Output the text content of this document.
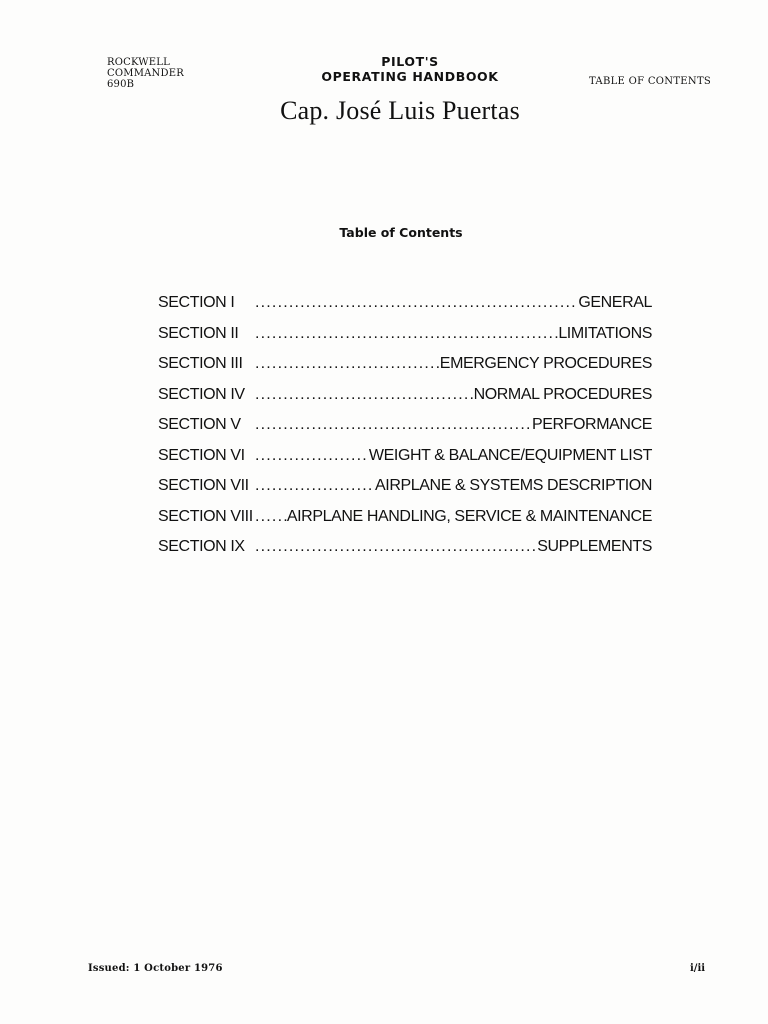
ROCKWELL
COMMANDER
690B
PILOT'S
OPERATING HANDBOOK	TABLE OF CONTENTS
Cap. José Luis Puertas
Table of Contents
SECTION I .....	GENERAL
SECTION II .....	LIMITATIONS
SECTION III .....	EMERGENCY PROCEDURES
SECTION IV .....	NORMAL PROCEDURES
SECTION V .....	PERFORMANCE
SECTION VI .....	WEIGHT & BALANCE/EQUIPMENT LIST
SECTION VII .....	AIRPLANE & SYSTEMS DESCRIPTION
SECTION VIII ..... AIRPLANE HANDLING, SERVICE & MAINTENANCE
SECTION IX .....	SUPPLEMENTS
Issued: 1 October 1976	i/ii
